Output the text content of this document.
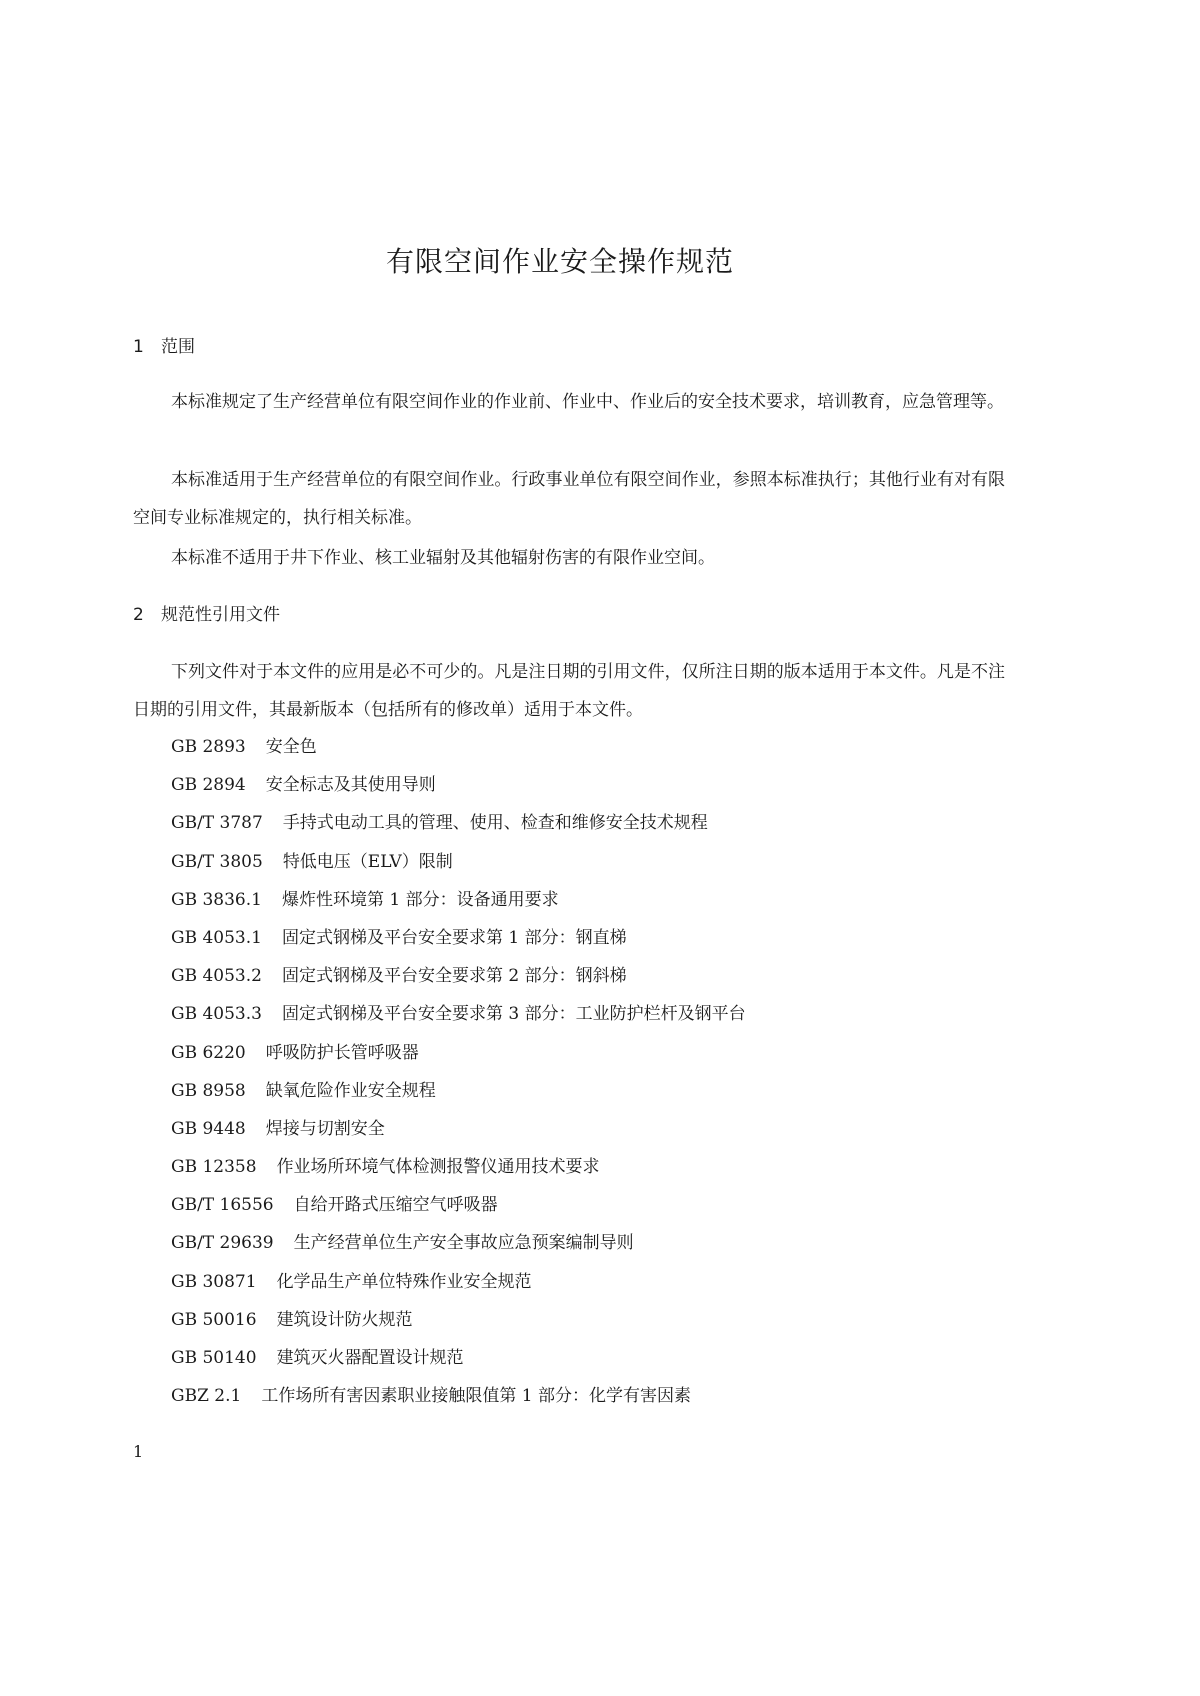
有限空间作业安全操作规范
1 范围

本标准规定了生产经营单位有限空间作业的作业前、作业中、作业后的安全技术要求，培训教育，应急管理等。

本标准适用于生产经营单位的有限空间作业。行政事业单位有限空间作业，参照本标准执行；其他行业有对有限空间专业标准规定的，执行相关标准。

本标准不适用于井下作业、核工业辐射及其他辐射伤害的有限作业空间。

2 规范性引用文件

下列文件对于本文件的应用是必不可少的。凡是注日期的引用文件，仅所注日期的版本适用于本文件。凡是不注日期的引用文件，其最新版本（包括所有的修改单）适用于本文件。

GB 2893 安全色
GB 2894 安全标志及其使用导则
GB/T 3787 手持式电动工具的管理、使用、检查和维修安全技术规程
GB/T 3805 特低电压（ELV）限制
GB 3836.1 爆炸性环境第 1 部分：设备通用要求
GB 4053.1 固定式钢梯及平台安全要求第 1 部分：钢直梯
GB 4053.2 固定式钢梯及平台安全要求第 2 部分：钢斜梯
GB 4053.3 固定式钢梯及平台安全要求第 3 部分：工业防护栏杆及钢平台
GB 6220 呼吸防护长管呼吸器
GB 8958 缺氧危险作业安全规程
GB 9448 焊接与切割安全
GB 12358 作业场所环境气体检测报警仪通用技术要求
GB/T 16556 自给开路式压缩空气呼吸器
GB/T 29639 生产经营单位生产安全事故应急预案编制导则
GB 30871 化学品生产单位特殊作业安全规范
GB 50016 建筑设计防火规范
GB 50140 建筑灭火器配置设计规范
GBZ 2.1 工作场所有害因素职业接触限值第 1 部分：化学有害因素
1
